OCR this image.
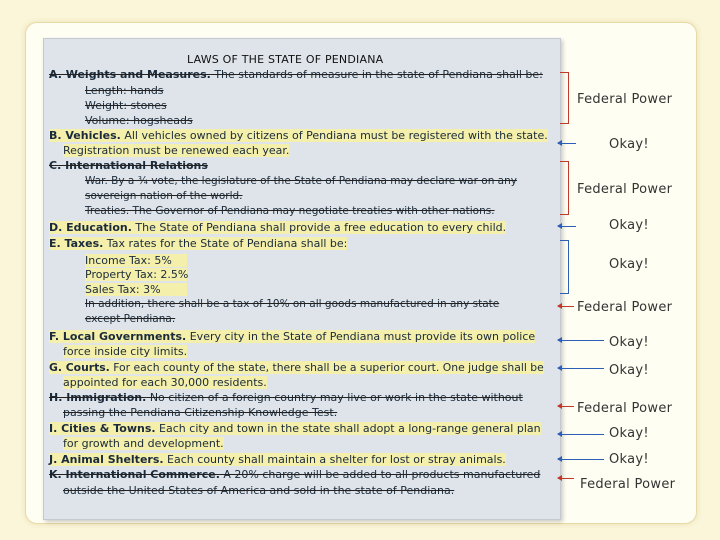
LAWS OF THE STATE OF PENDIANA
A. Weights and Measures. The standards of measure in the state of Pendiana shall be:
Length: hands
Weight: stones
Volume: hogsheads
B. Vehicles. All vehicles owned by citizens of Pendiana must be registered with the state.
Registration must be renewed each year.
C. International Relations
War. By a ¾ vote, the legislature of the State of Pendiana may declare war on any
sovereign nation of the world.
Treaties. The Governor of Pendiana may negotiate treaties with other nations.
D. Education. The State of Pendiana shall provide a free education to every child.
E. Taxes. Tax rates for the State of Pendiana shall be:
Income Tax: 5%
Property Tax: 2.5%
Sales Tax: 3%
In addition, there shall be a tax of 10% on all goods manufactured in any state
except Pendiana.
F. Local Governments. Every city in the State of Pendiana must provide its own police
force inside city limits.
G. Courts. For each county of the state, there shall be a superior court. One judge shall be
appointed for each 30,000 residents.
H. Immigration. No citizen of a foreign country may live or work in the state without
passing the Pendiana Citizenship Knowledge Test.
I. Cities & Towns. Each city and town in the state shall adopt a long-range general plan
for growth and development.
J. Animal Shelters. Each county shall maintain a shelter for lost or stray animals.
K. International Commerce. A 20% charge will be added to all products manufactured
outside the United States of America and sold in the state of Pendiana.
Federal Power
Okay!
Federal Power
Okay!
Okay!
Federal Power
Okay!
Okay!
Federal Power
Okay!
Okay!
Federal Power
